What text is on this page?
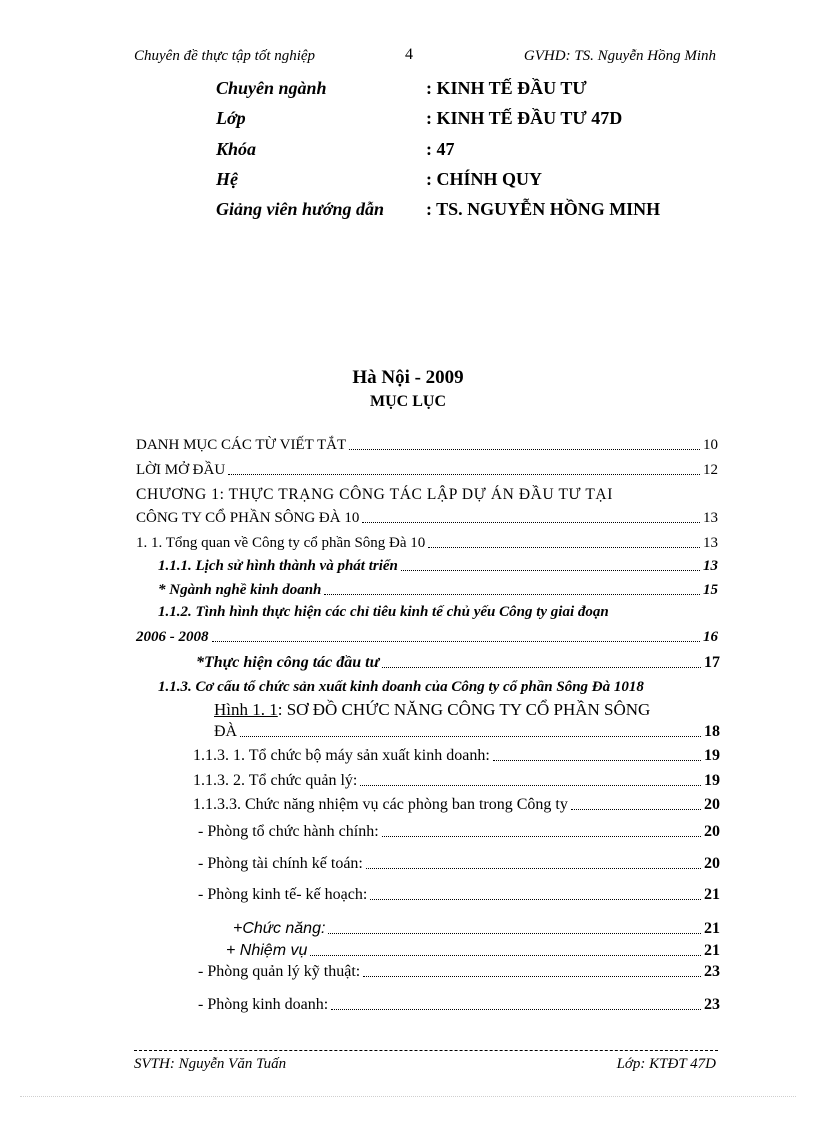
Chuyên đề thực tập tốt nghiệp	4	GVHD: TS. Nguyễn Hồng Minh
Chuyên ngành	: KINH TẾ ĐẦU TƯ
Lớp	: KINH TẾ ĐẦU TƯ 47D
Khóa	: 47
Hệ	: CHÍNH QUY
Giảng viên hướng dẫn : TS. NGUYỄN HỒNG MINH
Hà Nội - 2009
MỤC LỤC
DANH MỤC CÁC TỪ VIẾT TẮT	10
LỜI MỞ ĐẦU	12
CHƯƠNG 1: THỰC TRẠNG CÔNG TÁC LẬP DỰ ÁN ĐẦU TƯ TẠI
CÔNG TY CỔ PHẦN SÔNG ĐÀ 10	13
1. 1. Tổng quan về Công ty cổ phần Sông Đà 10	13
1.1.1. Lịch sử hình thành và phát triển	13
* Ngành nghề kinh doanh	15
1.1.2. Tình hình thực hiện các chỉ tiêu kinh tế chủ yếu Công ty giai đoạn
2006 - 2008	16
*Thực hiện công tác đầu tư	17
1.1.3. Cơ cấu tổ chức sản xuất kinh doanh của Công ty cổ phần Sông Đà 1018
Hình 1. 1: SƠ ĐỒ CHỨC NĂNG CÔNG TY CỔ PHẦN SÔNG
ĐÀ	18
1.1.3. 1. Tổ chức bộ máy sản xuất kinh doanh:	19
1.1.3. 2. Tổ chức quản lý:	19
1.1.3.3. Chức năng nhiệm vụ các phòng ban trong Công ty	20
- Phòng tổ chức hành chính:	20
- Phòng tài chính kế toán:	20
- Phòng kinh tế- kế hoạch:	21
+Chức năng:	21
+ Nhiệm vụ	21
- Phòng quản lý kỹ thuật:	23
- Phòng kinh doanh:	23
SVTH: Nguyễn Văn Tuấn	Lớp: KTĐT 47D
